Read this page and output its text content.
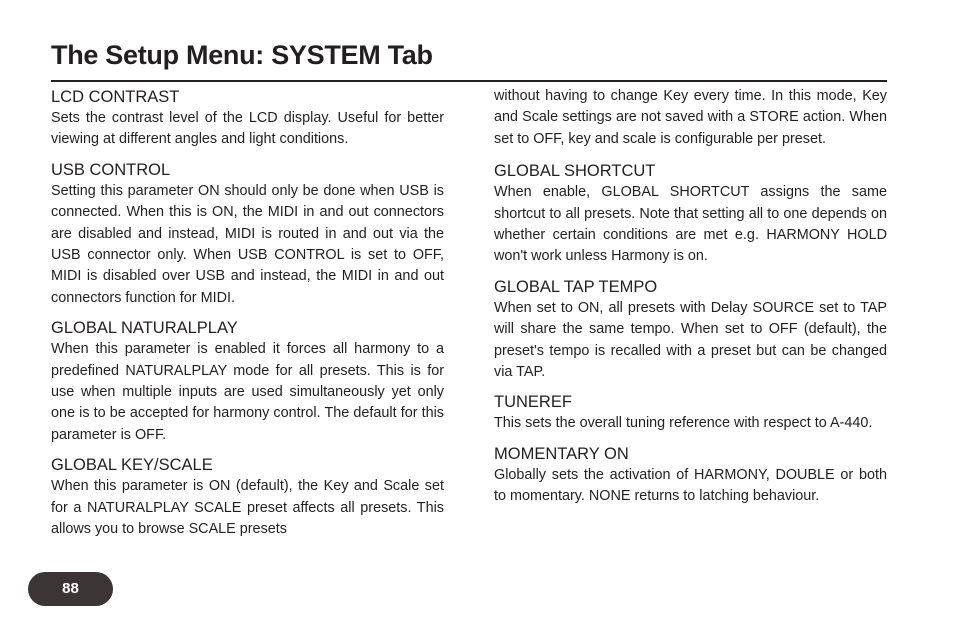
The Setup Menu: SYSTEM Tab
LCD CONTRAST

Sets the contrast level of the LCD display. Useful for better viewing at different angles and light conditions.

USB CONTROL

Setting this parameter ON should only be done when USB is connected. When this is ON, the MIDI in and out connectors are disabled and instead, MIDI is routed in and out via the USB connector only. When USB CONTROL is set to OFF, MIDI is disabled over USB and instead, the MIDI in and out connectors function for MIDI.

GLOBAL NATURALPLAY

When this parameter is enabled it forces all harmony to a predefined NATURALPLAY mode for all presets. This is for use when multiple inputs are used simultaneously yet only one is to be accepted for harmony control. The default for this parameter is OFF.

GLOBAL KEY/SCALE

When this parameter is ON (default), the Key and Scale set for a NATURALPLAY SCALE preset affects all presets. This allows you to browse SCALE presets

without having to change Key every time. In this mode, Key and Scale settings are not saved with a STORE action. When set to OFF, key and scale is configurable per preset.

GLOBAL SHORTCUT

When enable, GLOBAL SHORTCUT assigns the same shortcut to all presets. Note that setting all to one depends on whether certain conditions are met e.g. HARMONY HOLD won't work unless Harmony is on.

GLOBAL TAP TEMPO

When set to ON, all presets with Delay SOURCE set to TAP will share the same tempo. When set to OFF (default), the preset's tempo is recalled with a preset but can be changed via TAP.

TUNEREF

This sets the overall tuning reference with respect to A-440.

MOMENTARY ON

Globally sets the activation of HARMONY, DOUBLE or both to momentary. NONE returns to latching behaviour.

88
